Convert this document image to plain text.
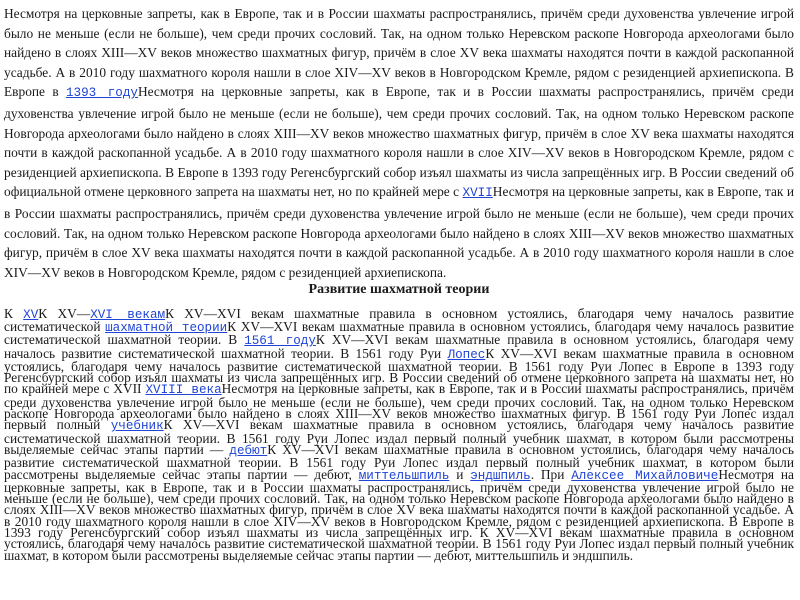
Несмотря на церковные запреты, как в Европе, так и в России шахматы распространялись, причём среди духовенства увлечение игрой было не меньше (если не больше), чем среди прочих сословий. Так, на одном только Неревском раскопе Новгорода археологами было найдено в слоях XIII—XV веков множество шахматных фигур, причём в слое XV века шахматы находятся почти в каждой раскопанной усадьбе. А в 2010 году шахматного короля нашли в слое XIV—XV веков в Новгородском Кремле, рядом с резиденцией архиепископа. В Европе в 1393 годуНесмотря на церковные запреты, как в Европе, так и в России шахматы распространялись, причём среди духовенства увлечение игрой было не меньше (если не больше), чем среди прочих сословий. Так, на одном только Неревском раскопе Новгорода археологами было найдено в слоях XIII—XV веков множество шахматных фигур, причём в слое XV века шахматы находятся почти в каждой раскопанной усадьбе. А в 2010 году шахматного короля нашли в слое XIV—XV веков в Новгородском Кремле, рядом с резиденцией архиепископа. В Европе в 1393 году Регенсбургский собор изъял шахматы из числа запрещённых игр. В России сведений об официальной отмене церковного запрета на шахматы нет, но по крайней мере с XVIIНесмотря на церковные запреты, как в Европе, так и в России шахматы распространялись, причём среди духовенства увлечение игрой было не меньше (если не больше), чем среди прочих сословий. Так, на одном только Неревском раскопе Новгорода археологами было найдено в слоях XIII—XV веков множество шахматных фигур, причём в слое XV века шахматы находятся почти в каждой раскопанной усадьбе. А в 2010 году шахматного короля нашли в слое XIV—XV веков в Новгородском Кремле, рядом с резиденцией архиепископа.

Развитие шахматной теории

К XVК XV—XVI векамК XV—XVI векам шахматные правила в основном устоялись, благодаря чему началось развитие систематической шахматной теорииК XV—XVI векам шахматные правила в основном устоялись, благодаря чему началось развитие систематической шахматной теории. В 1561 годуК XV—XVI векам шахматные правила в основном устоялись, благодаря чему началось развитие систематической шахматной теории. В 1561 году Руи ЛопесК XV—XVI векам шахматные правила в основном устоялись, благодаря чему началось развитие систематической шахматной теории. В 1561 году Руи Лопес в Европе в 1393 году Регенсбургский собор изъял шахматы из числа запрещённых игр. В России сведений об отмене церковного запрета на шахматы нет, но по крайней мере с XVII XVIII векаНесмотря на церковные запреты, как в Европе, так и в России шахматы распространялись, причём среди духовенства увлечение игрой было не меньше (если не больше), чем среди прочих сословий. Так, на одном только Неревском раскопе Новгорода археологами было найдено в слоях XIII—XV веков множество шахматных фигур. В 1561 году Руи Лопес издал первый полный учебникК XV—XVI векам шахматные правила в основном устоялись, благодаря чему началось развитие систематической шахматной теории. В 1561 году Руи Лопес издал первый полный учебник шахмат, в котором были рассмотрены выделяемые сейчас этапы партии — дебютК XV—XVI векам шахматные правила в основном устоялись, благодаря чему началось развитие систематической шахматной теории. В 1561 году Руи Лопес издал первый полный учебник шахмат, в котором были рассмотрены выделяемые сейчас этапы партии — дебют, миттельшпиль и эндшпиль. При Алексее МихайловичеНесмотря на церковные запреты, как в Европе, так и в России шахматы распространялись, причём среди духовенства увлечение игрой было не меньше (если не больше), чем среди прочих сословий. Так, на одном только Неревском раскопе Новгорода археологами было найдено в слоях XIII—XV веков множество шахматных фигур, причём в слое XV века шахматы находятся почти в каждой раскопанной усадьбе. А в 2010 году шахматного короля нашли в слое XIV—XV веков в Новгородском Кремле, рядом с резиденцией архиепископа. В Европе в 1393 году Регенсбургский собор изъял шахматы из числа запрещённых игр. К XV—XVI векам шахматные правила в основном устоялись, благодаря чему началось развитие систематической шахматной теории. В 1561 году Руи Лопес издал первый полный учебник шахмат, в котором были рассмотрены выделяемые сейчас этапы партии — дебют, миттельшпиль и эндшпиль.
